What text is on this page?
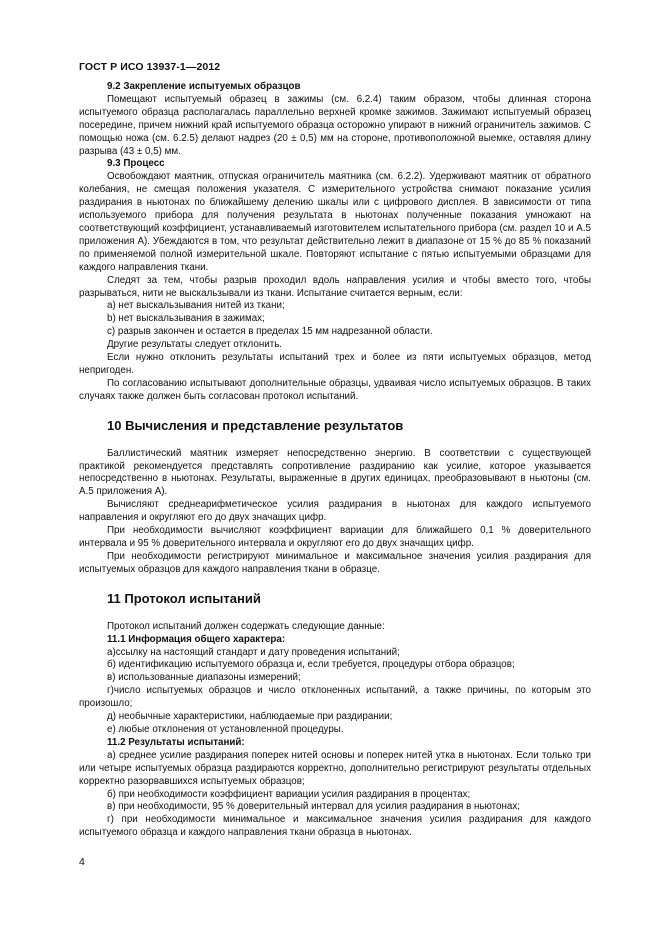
ГОСТ Р ИСО 13937-1—2012

9.2 Закрепление испытуемых образцов

Помещают испытуемый образец в зажимы (см. 6.2.4) таким образом, чтобы длинная сторона испытуемого образца располагалась параллельно верхней кромке зажимов. Зажимают испытуемый образец посередине, причем нижний край испытуемого образца осторожно упирают в нижний ограничитель зажимов. С помощью ножа (см. 6.2.5) делают надрез (20 ± 0,5) мм на стороне, противоположной выемке, оставляя длину разрыва (43 ± 0,5) мм.

9.3 Процесс

Освобождают маятник, отпуская ограничитель маятника (см. 6.2.2). Удерживают маятник от обратного колебания, не смещая положения указателя. С измерительного устройства снимают показание усилия раздирания в ньютонах по ближайшему делению шкалы или с цифрового дисплея. В зависимости от типа используемого прибора для получения результата в ньютонах полученные показания умножают на соответствующий коэффициент, устанавливаемый изготовителем испытательного прибора (см. раздел 10 и А.5 приложения А). Убеждаются в том, что результат действительно лежит в диапазоне от 15 % до 85 % показаний по применяемой полной измерительной шкале. Повторяют испытание с пятью испытуемыми образцами для каждого направления ткани.

Следят за тем, чтобы разрыв проходил вдоль направления усилия и чтобы вместо того, чтобы разрываться, нити не выскальзывали из ткани. Испытание считается верным, если:

а) нет выскальзывания нитей из ткани;

b) нет выскальзывания в зажимах;

с) разрыв закончен и остается в пределах 15 мм надрезанной области.

Другие результаты следует отклонить.

Если нужно отклонить результаты испытаний трех и более из пяти испытуемых образцов, метод непригоден.

По согласованию испытывают дополнительные образцы, удваивая число испытуемых образцов. В таких случаях также должен быть согласован протокол испытаний.

10 Вычисления и представление результатов

Баллистический маятник измеряет непосредственно энергию. В соответствии с существующей практикой рекомендуется представлять сопротивление раздиранию как усилие, которое указывается непосредственно в ньютонах. Результаты, выраженные в других единицах, преобразовывают в ньютоны (см. А.5 приложения А).

Вычисляют среднеарифметическое усилия раздирания в ньютонах для каждого испытуемого направления и округляют его до двух значащих цифр.

При необходимости вычисляют коэффициент вариации для ближайшего 0,1 % доверительного интервала и 95 % доверительного интервала и округляют его до двух значащих цифр.

При необходимости регистрируют минимальное и максимальное значения усилия раздирания для испытуемых образцов для каждого направления ткани в образце.

11 Протокол испытаний

Протокол испытаний должен содержать следующие данные:

11.1 Информация общего характера:

а)ссылку на настоящий стандарт и дату проведения испытаний;

б) идентификацию испытуемого образца и, если требуется, процедуры отбора образцов;

в) использованные диапазоны измерений;

г)число испытуемых образцов и число отклоненных испытаний, а также причины, по которым это произошло;

д) необычные характеристики, наблюдаемые при раздирании;

е) любые отклонения от установленной процедуры.

11.2 Результаты испытаний:

а) среднее усилие раздирания поперек нитей основы и поперек нитей утка в ньютонах. Если только три или четыре испытуемых образца раздираются корректно, дополнительно регистрируют результаты отдельных корректно разорвавшихся испытуемых образцов;

б) при необходимости коэффициент вариации усилия раздирания в процентах;

в) при необходимости, 95 % доверительный интервал для усилия раздирания в ньютонах;

г) при необходимости минимальное и максимальное значения усилия раздирания для каждого испытуемого образца и каждого направления ткани образца в ньютонах.

4
